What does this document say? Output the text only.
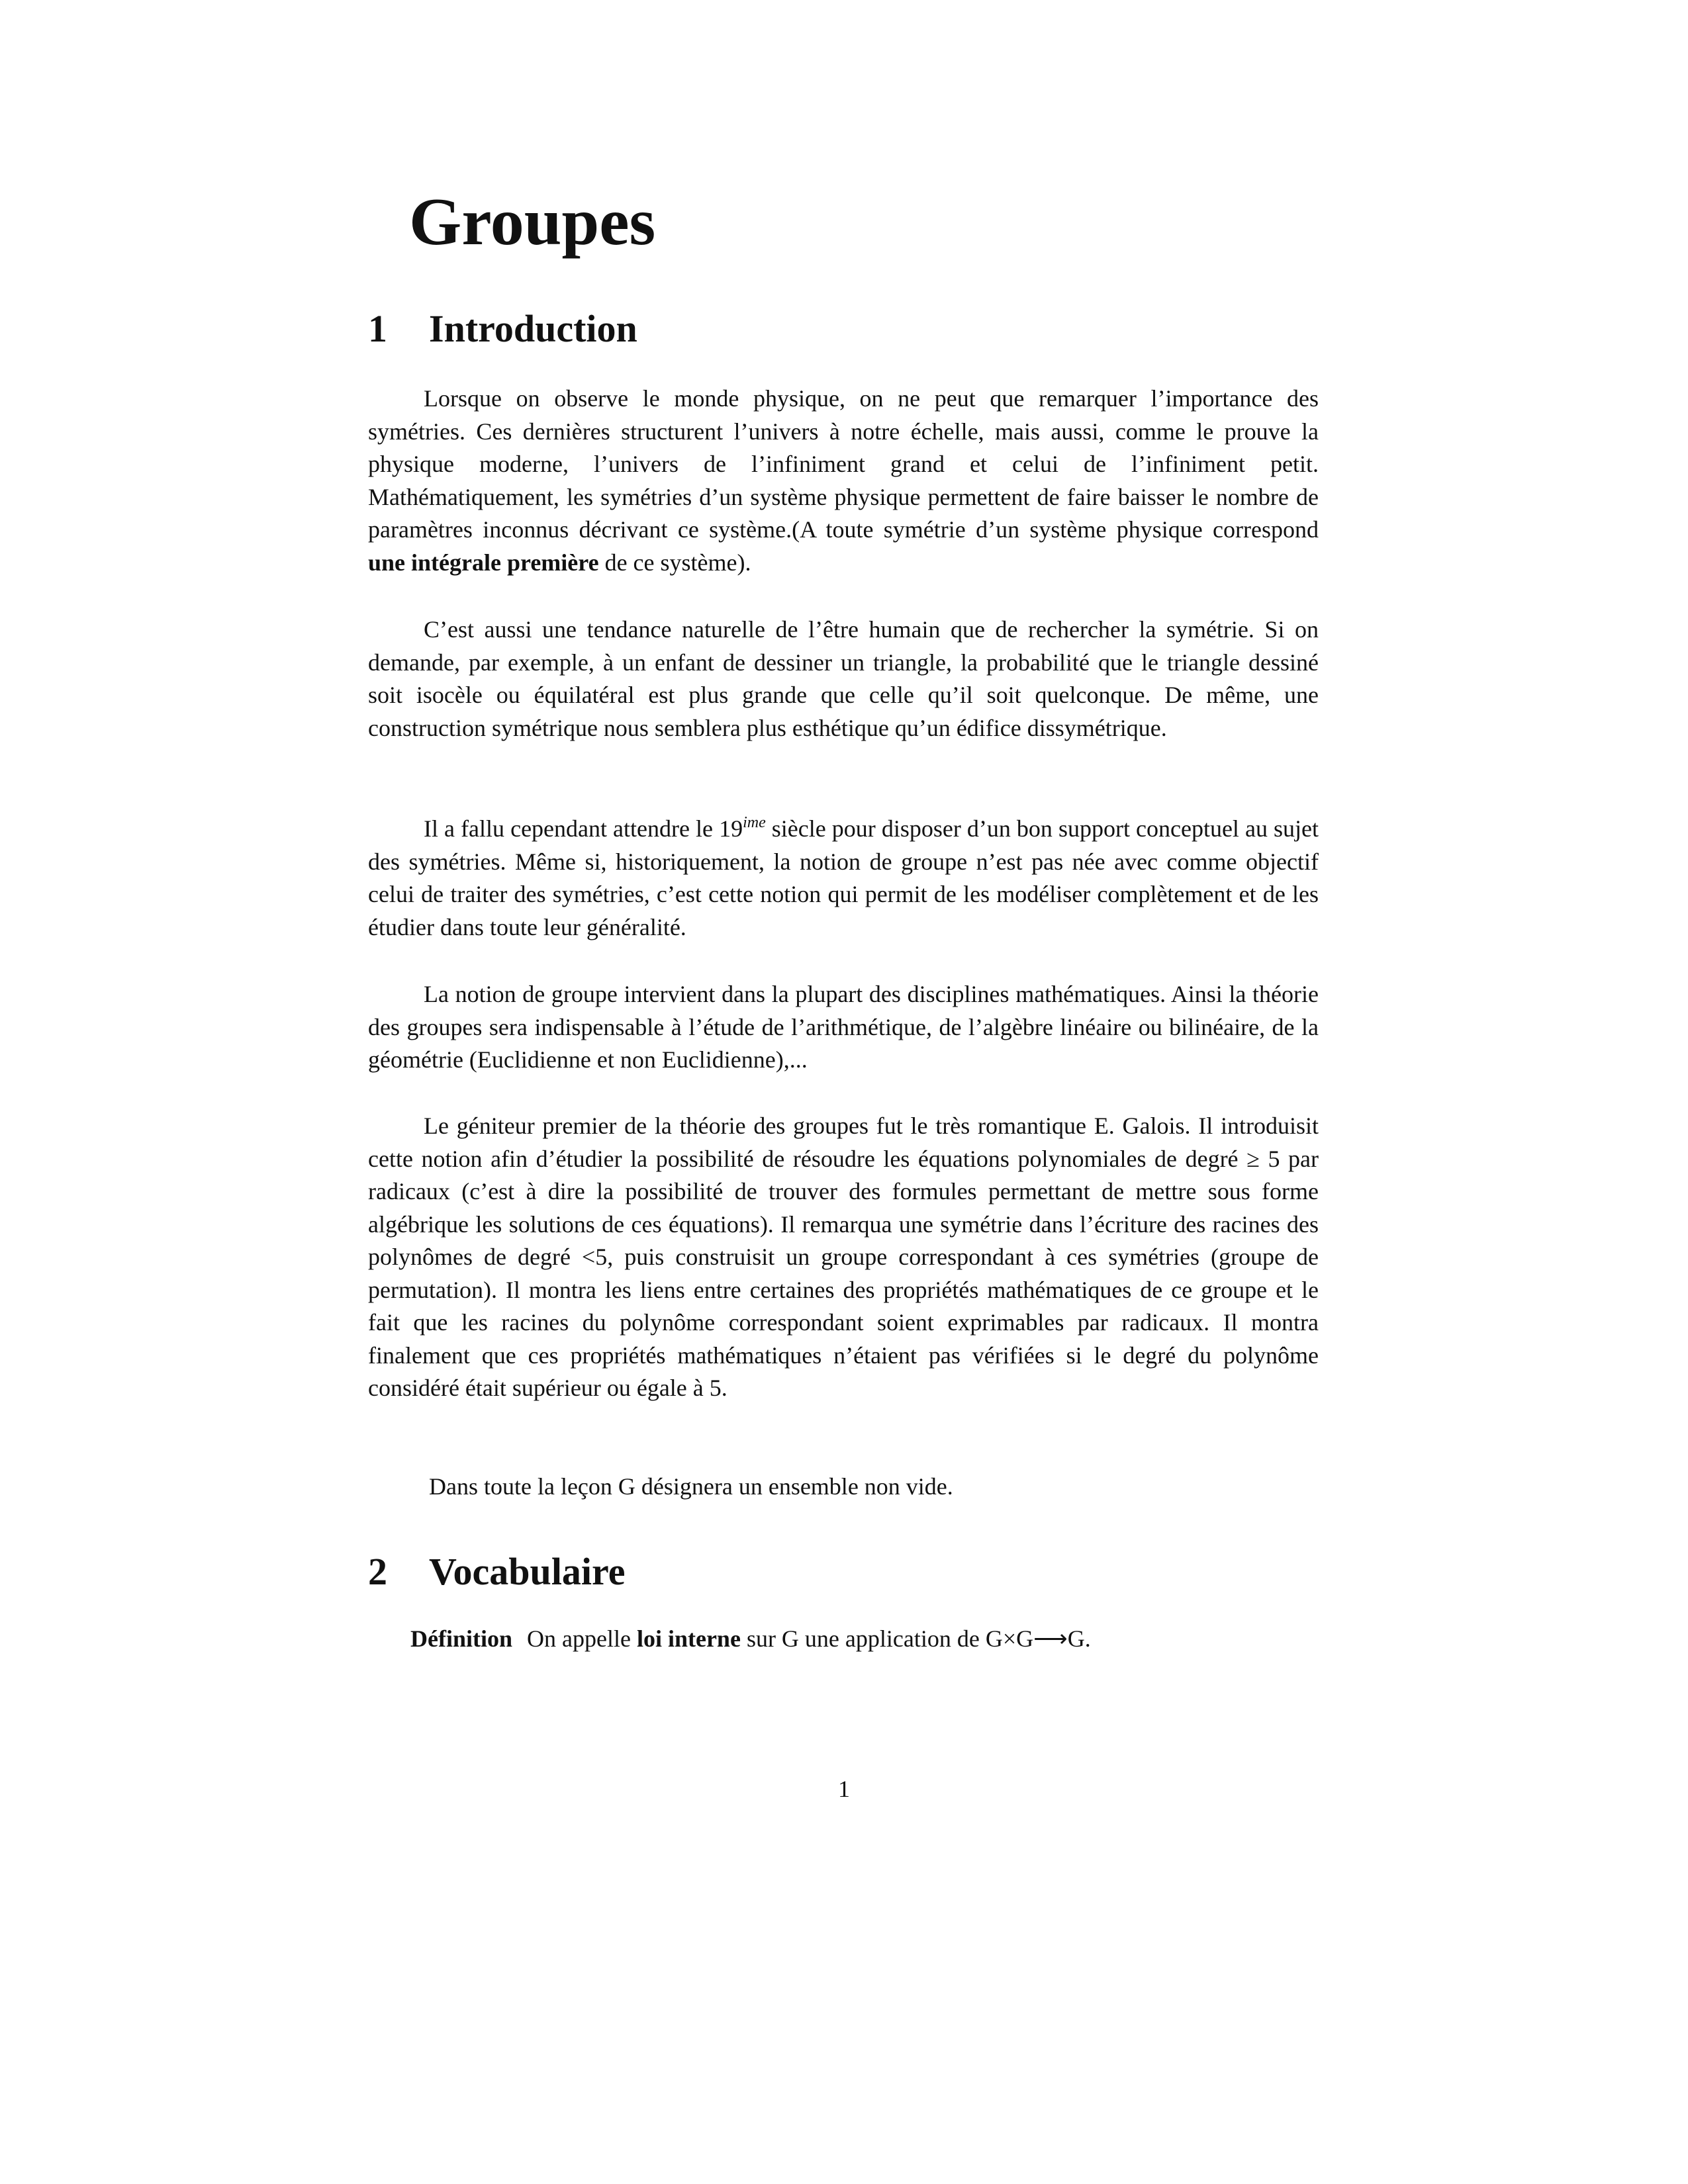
Groupes
1 Introduction

Lorsque on observe le monde physique, on ne peut que remarquer l’importance des symétries. Ces dernières structurent l’univers à notre échelle, mais aussi, comme le prouve la physique moderne, l’univers de l’infiniment grand et celui de l’infiniment petit. Mathématiquement, les symétries d’un système physique permettent de faire baisser le nombre de paramètres inconnus décrivant ce système.(A toute symétrie d’un système physique correspond une intégrale première de ce système).

C’est aussi une tendance naturelle de l’être humain que de rechercher la symétrie. Si on demande, par exemple, à un enfant de dessiner un triangle, la probabilité que le triangle dessiné soit isocèle ou équilatéral est plus grande que celle qu’il soit quelconque. De même, une construction symétrique nous semblera plus esthétique qu’un édifice dissymétrique.

Il a fallu cependant attendre le $19^{ime}$ siècle pour disposer d’un bon support conceptuel au sujet des symétries. Même si, historiquement, la notion de groupe n’est pas née avec comme objectif celui de traiter des symétries, c’est cette notion qui permit de les modéliser complètement et de les étudier dans toute leur généralité.

La notion de groupe intervient dans la plupart des disciplines mathématiques. Ainsi la théorie des groupes sera indispensable à l’étude de l’arithmétique, de l’algèbre linéaire ou bilinéaire, de la géométrie (Euclidienne et non Euclidienne),...

Le géniteur premier de la théorie des groupes fut le très romantique E. Galois. Il introduisit cette notion afin d’étudier la possibilité de résoudre les équations polynomiales de degré ≥ 5 par radicaux (c’est à dire la possibilité de trouver des formules permettant de mettre sous forme algébrique les solutions de ces équations). Il remarqua une symétrie dans l’écriture des racines des polynômes de degré <5, puis construisit un groupe correspondant à ces symétries (groupe de permutation). Il montra les liens entre certaines des propriétés mathématiques de ce groupe et le fait que les racines du polynôme correspondant soient exprimables par radicaux. Il montra finalement que ces propriétés mathématiques n’étaient pas vérifiées si le degré du polynôme considéré était supérieur ou égale à 5.

Dans toute la leçon G désignera un ensemble non vide.

2 Vocabulaire

Définition On appelle loi interne sur G une application de G×G⟶G.

1
